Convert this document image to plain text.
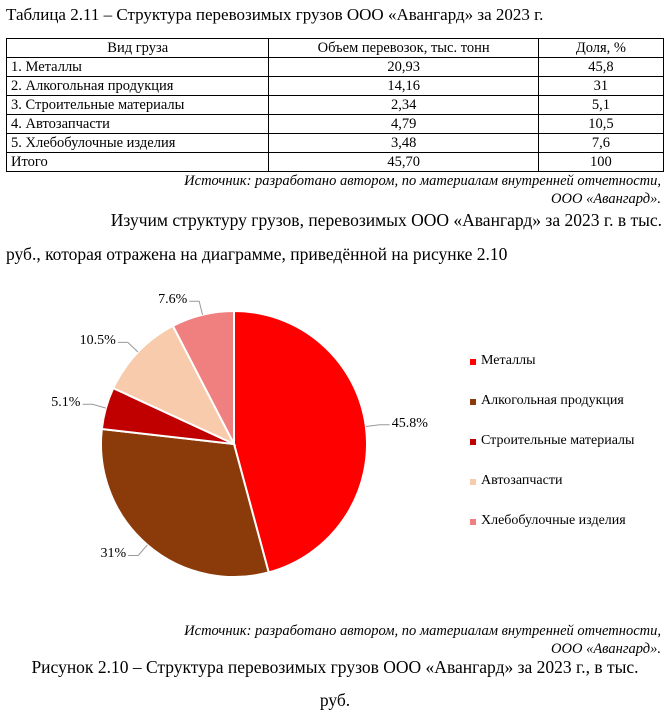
Таблица 2.11 – Структура перевозимых грузов ООО «Авангард» за 2023 г.
Вид груза	Объем перевозок, тыс. тонн	Доля, %
1. Металлы	20,93	45,8
2. Алкогольная продукция	14,16	31
3. Строительные материалы	2,34	5,1
4. Автозапчасти	4,79	10,5
5. Хлебобулочные изделия	3,48	7,6
Итого	45,70	100
Источник: разработано автором, по материалам внутренней отчетности,
ООО «Авангард».
Изучим структуру грузов, перевозимых ООО «Авангард» за 2023 г. в тыс.
руб., которая отражена на диаграмме, приведённой на рисунке 2.10
45.8%
31%
5.1%
10.5%
7.6%
Металлы
Алкогольная продукция
Строительные материалы
Автозапчасти
Хлебобулочные изделия
Источник: разработано автором, по материалам внутренней отчетности,
ООО «Авангард».
Рисунок 2.10 – Структура перевозимых грузов ООО «Авангард» за 2023 г., в тыс.
руб.
